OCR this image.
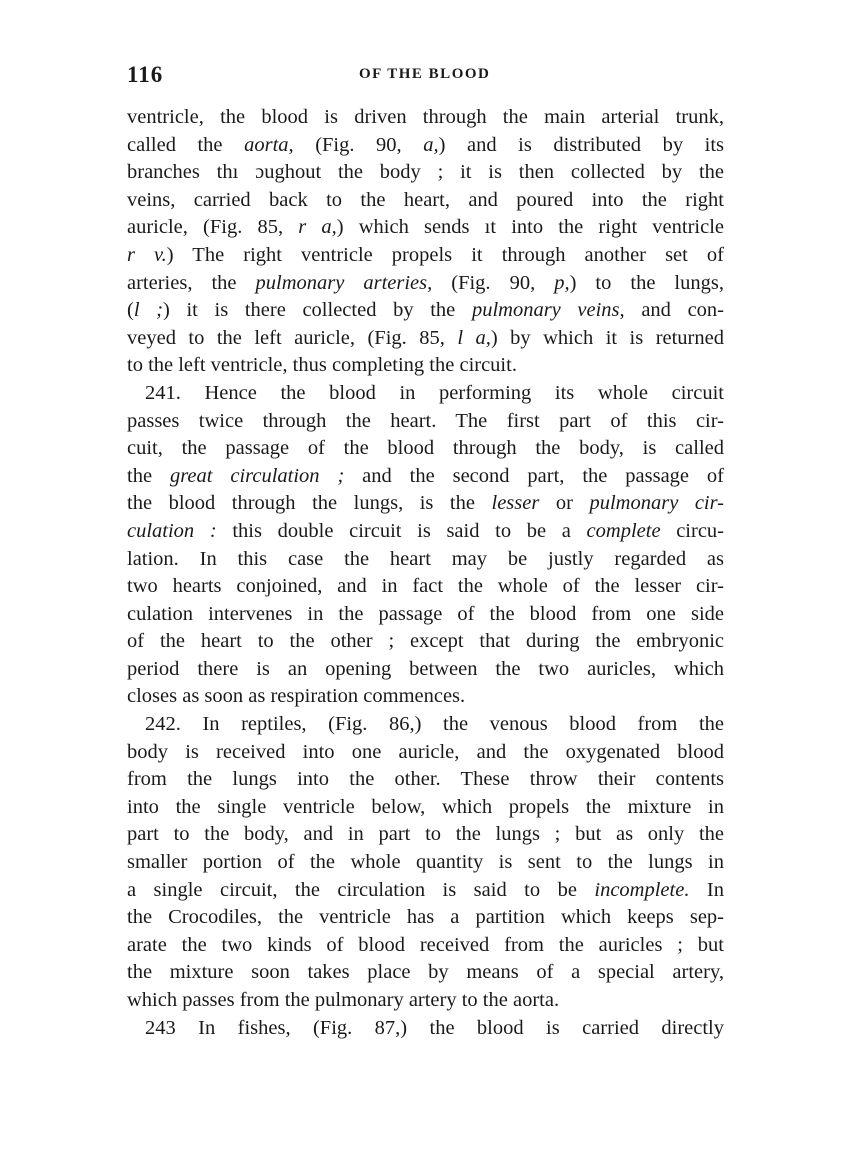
116	OF THE BLOOD
ventricle, the blood is driven through the main arterial trunk,
called the aorta, (Fig. 90, a,) and is distributed by its
branches thı ɔughout the body ; it is then collected by the
veins, carried back to the heart, and poured into the right
auricle, (Fig. 85, r a,) which sends ıt into the right ventricle
r v.) The right ventricle propels it through another set of
arteries, the pulmonary arteries, (Fig. 90, p,) to the lungs,
(l ;) it is there collected by the pulmonary veins, and con-
veyed to the left auricle, (Fig. 85, l a,) by which it is returned
to the left ventricle, thus completing the circuit.
241. Hence the blood in performing its whole circuit
passes twice through the heart. The first part of this cir-
cuit, the passage of the blood through the body, is called
the great circulation ; and the second part, the passage of
the blood through the lungs, is the lesser or pulmonary cir-
culation : this double circuit is said to be a complete circu-
lation. In this case the heart may be justly regarded as
two hearts conjoined, and in fact the whole of the lesser cir-
culation intervenes in the passage of the blood from one side
of the heart to the other ; except that during the embryonic
period there is an opening between the two auricles, which
closes as soon as respiration commences.
242. In reptiles, (Fig. 86,) the venous blood from the
body is received into one auricle, and the oxygenated blood
from the lungs into the other. These throw their contents
into the single ventricle below, which propels the mixture in
part to the body, and in part to the lungs ; but as only the
smaller portion of the whole quantity is sent to the lungs in
a single circuit, the circulation is said to be incomplete. In
the Crocodiles, the ventricle has a partition which keeps sep-
arate the two kinds of blood received from the auricles ; but
the mixture soon takes place by means of a special artery,
which passes from the pulmonary artery to the aorta.
243 In fishes, (Fig. 87,) the blood is carried directly
